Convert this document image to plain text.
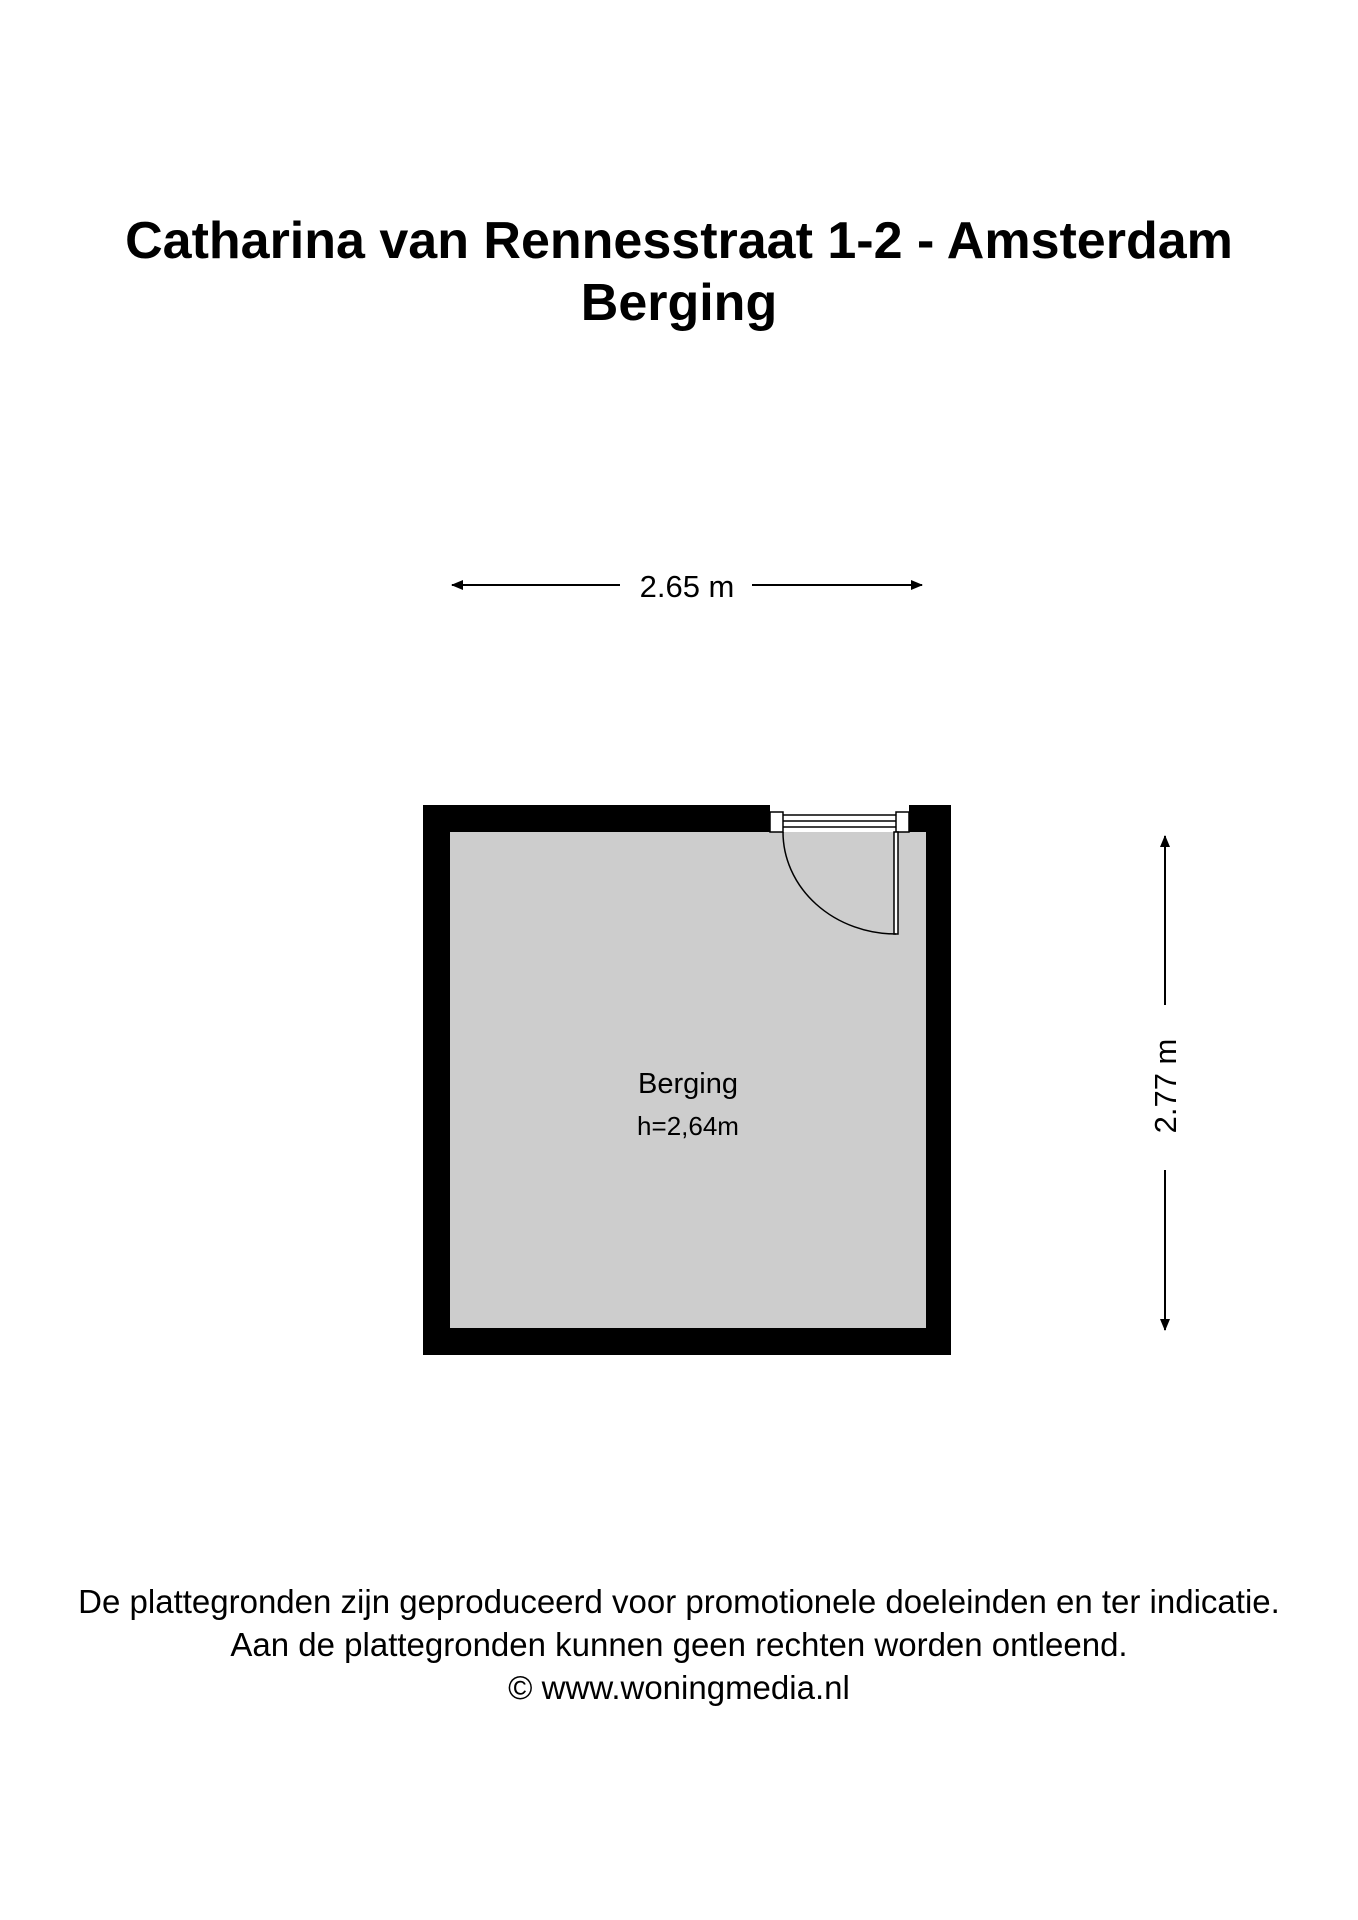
Catharina van Rennesstraat 1-2 - Amsterdam
Berging
2.65 m
2.77 m
Berging
h=2,64m
De plattegronden zijn geproduceerd voor promotionele doeleinden en ter indicatie.
Aan de plattegronden kunnen geen rechten worden ontleend.
© www.woningmedia.nl
